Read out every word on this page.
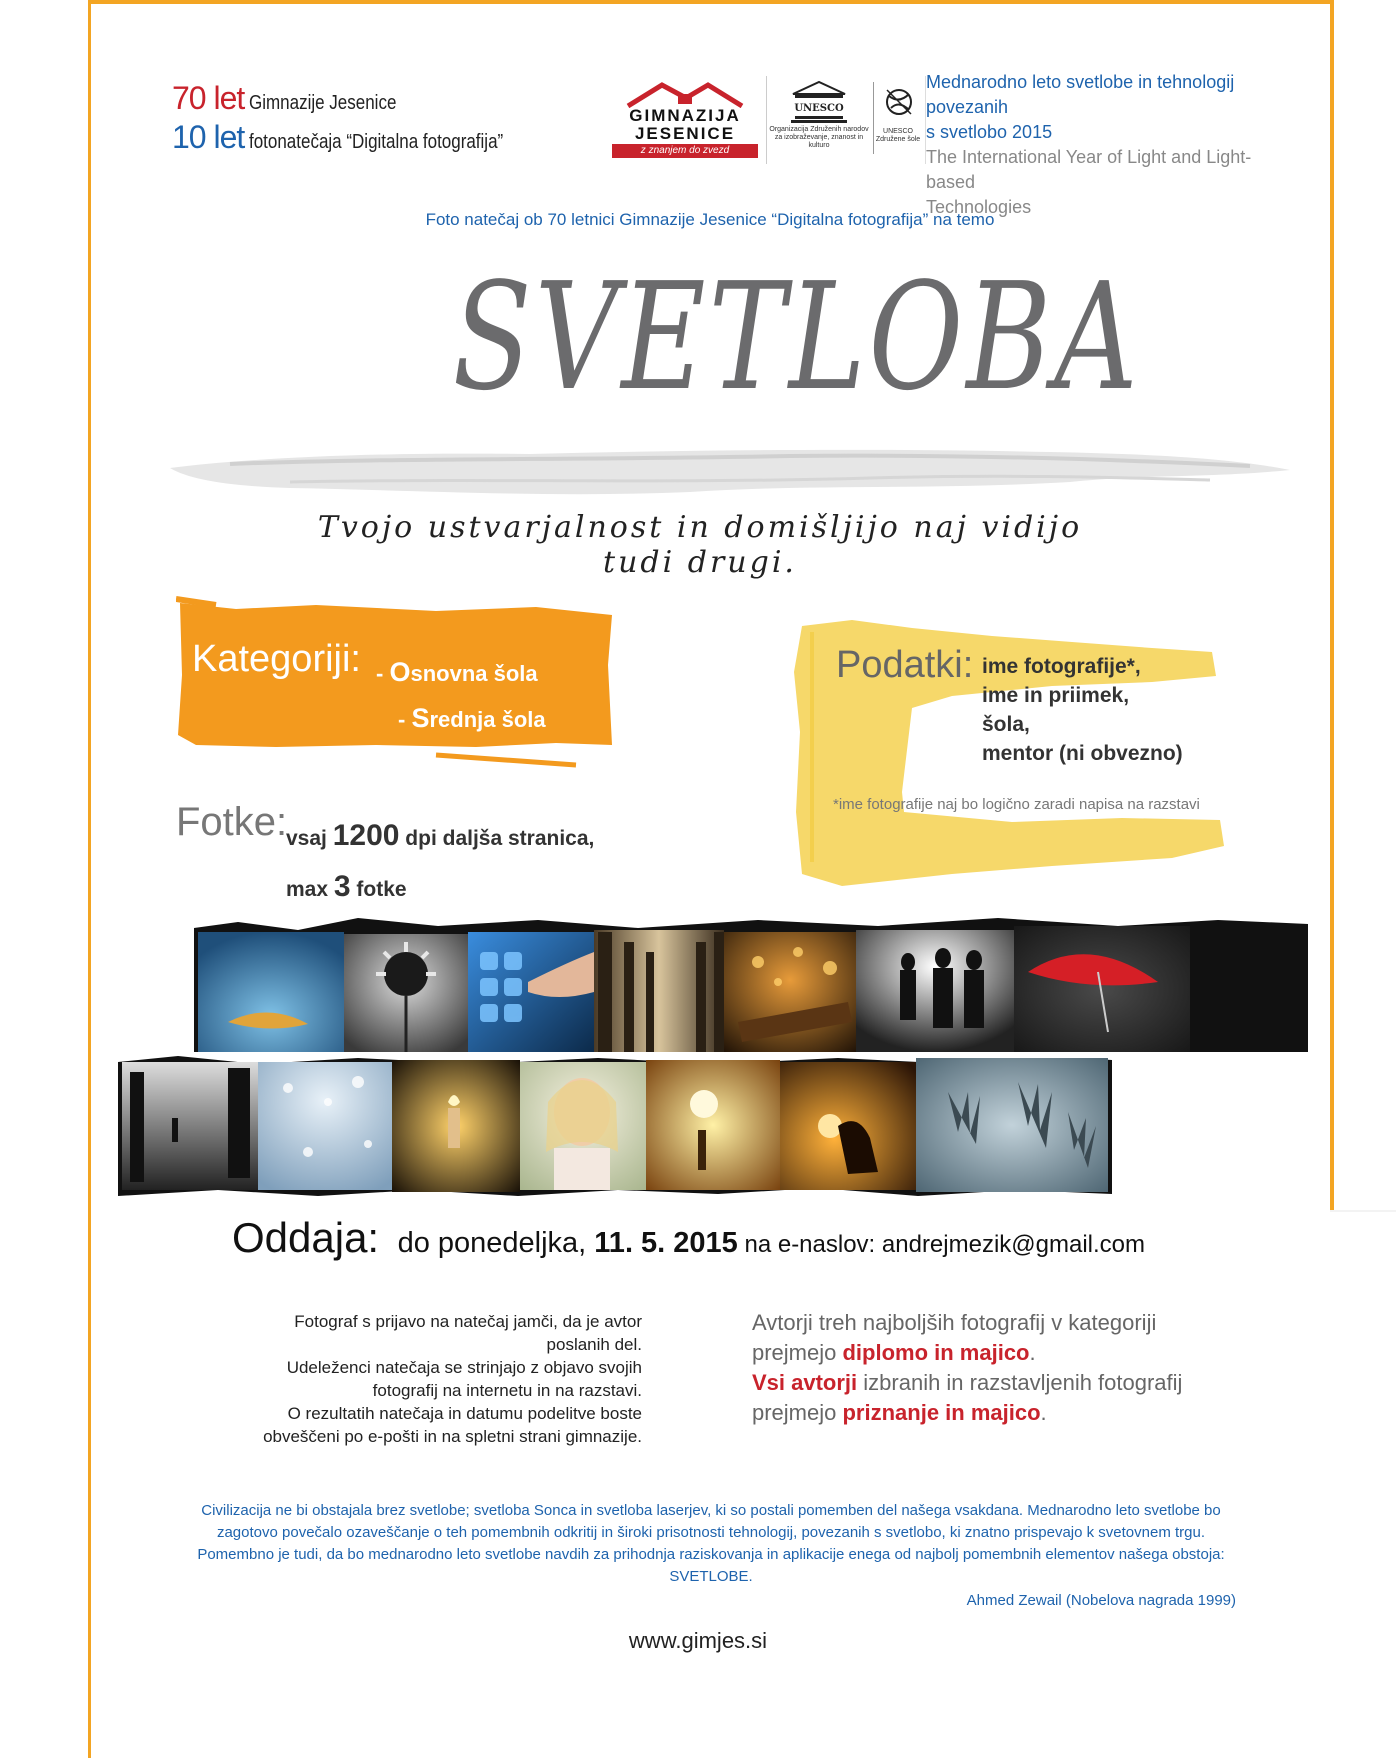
70 let Gimnazije Jesenice
10 let fotonatečaja “Digitalna fotografija”
GIMNAZIJA
JESENICE
z znanjem do zvezd
UNESCO
Organizacija Združenih narodov za izobraževanje, znanost in kulturo
UNESCO Združene šole
Mednarodno leto svetlobe in tehnologij povezanih
s svetlobo 2015
The International Year of Light and Light-based
Technologies
Foto natečaj ob 70 letnici Gimnazije Jesenice “Digitalna fotografija” na temo
SVETLOBA
Tvojo ustvarjalnost in domišljijo naj vidijo tudi drugi.
Kategoriji: - Osnovna šola
- Srednja šola
Podatki: ime fotografije*,
ime in priimek,
šola,
mentor (ni obvezno)
*ime fotografije naj bo logično zaradi napisa na razstavi
Fotke:
vsaj 1200 dpi daljša stranica,
max 3 fotke
Oddaja: do ponedeljka, 11. 5. 2015 na e-naslov: andrejmezik@gmail.com
Fotograf s prijavo na natečaj jamči, da je avtor
poslanih del.
Udeleženci natečaja se strinjajo z objavo svojih
fotografij na internetu in na razstavi.
O rezultatih natečaja in datumu podelitve boste
obveščeni po e-pošti in na spletni strani gimnazije.
Avtorji treh najboljših fotografij v kategoriji
prejmejo diplomo in majico.
Vsi avtorji izbranih in razstavljenih fotografij
prejmejo priznanje in majico.
Civilizacija ne bi obstajala brez svetlobe; svetloba Sonca in svetloba laserjev, ki so postali pomemben del našega vsakdana. Mednarodno leto svetlobe bo
zagotovo povečalo ozaveščanje o teh pomembnih odkritij in široki prisotnosti tehnologij, povezanih s svetlobo, ki znatno prispevajo k svetovnem trgu.
Pomembno je tudi, da bo mednarodno leto svetlobe navdih za prihodnja raziskovanja in aplikacije enega od najbolj pomembnih elementov našega obstoja:
SVETLOBE.
Ahmed Zewail (Nobelova nagrada 1999)
www.gimjes.si
